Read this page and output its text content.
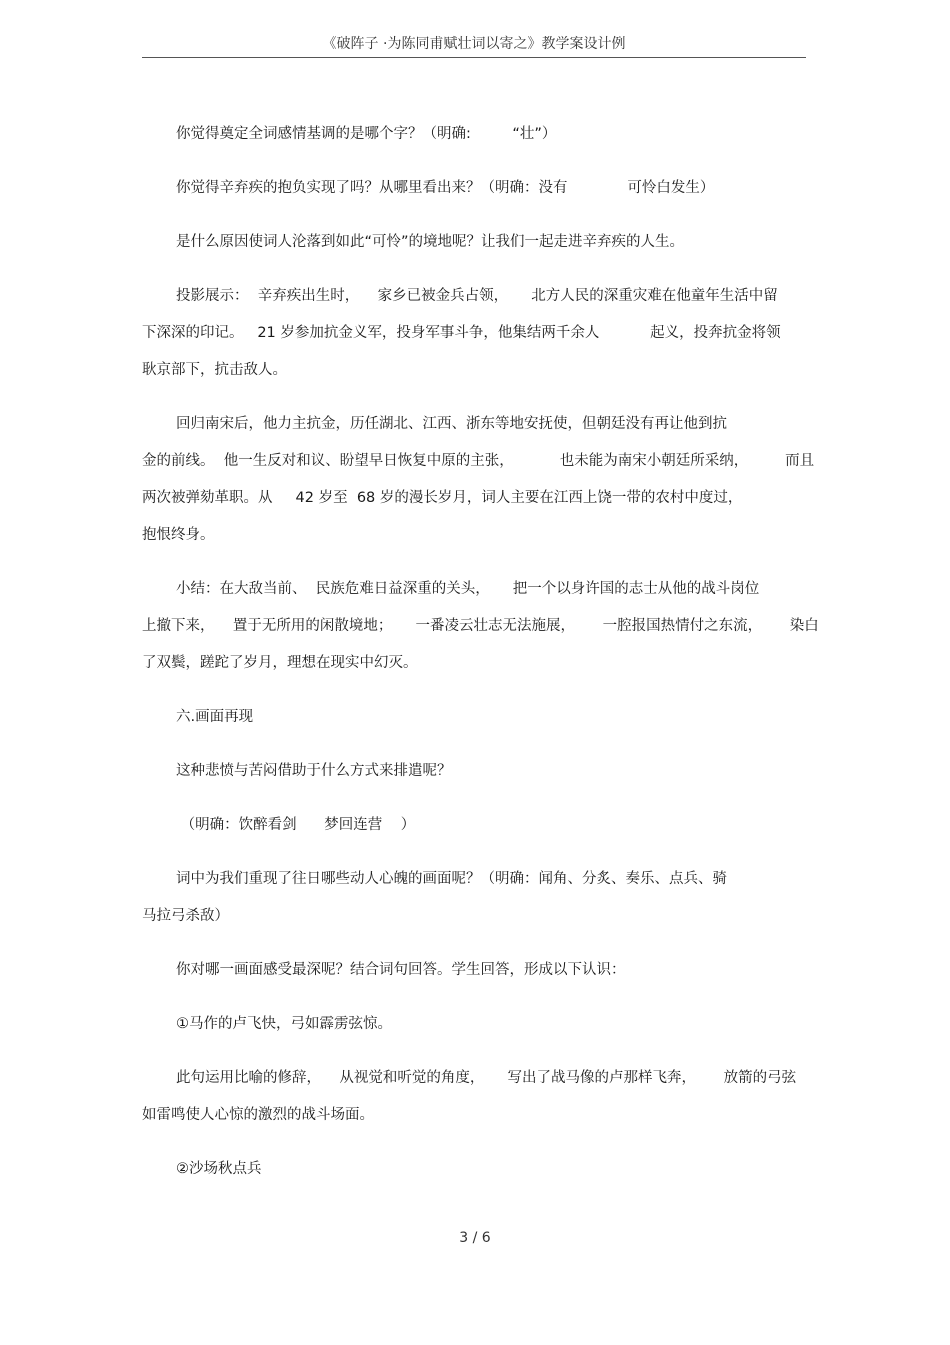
《破阵子 ·为陈同甫赋壮词以寄之》教学案设计例
你觉得奠定全词感情基调的是哪个字？（明确:         “壮”）
你觉得辛弃疾的抱负实现了吗？从哪里看出来？（明确：没有             可怜白发生）
是什么原因使词人沦落到如此“可怜”的境地呢？让我们一起走进辛弃疾的人生。
投影展示：  辛弃疾出生时，    家乡已被金兵占领，     北方人民的深重灾难在他童年生活中留
下深深的印记。   21 岁参加抗金义军，投身军事斗争，他集结两千余人           起义，投奔抗金将领
耿京部下，抗击敌人。
回归南宋后，他力主抗金，历任湖北、江西、浙东等地安抚使，但朝廷没有再让他到抗
金的前线。  他一生反对和议、盼望早日恢复中原的主张，          也未能为南宋小朝廷所采纳，        而且
两次被弹劾革职。从     42 岁至  68 岁的漫长岁月，词人主要在江西上饶一带的农村中度过，
抱恨终身。
小结：在大敌当前、  民族危难日益深重的关头，     把一个以身许国的志士从他的战斗岗位
上撤下来，    置于无所用的闲散境地；     一番凌云壮志无法施展，      一腔报国热情付之东流，      染白
了双鬓，蹉跎了岁月，理想在现实中幻灭。
六.画面再现
这种悲愤与苦闷借助于什么方式来排遣呢？
（明确：饮醉看剑      梦回连营    ）
词中为我们重现了往日哪些动人心魄的画面呢？（明确：闻角、分炙、奏乐、点兵、骑
马拉弓杀敌）
你对哪一画面感受最深呢？结合词句回答。学生回答，形成以下认识：
①马作的卢飞快，弓如霹雳弦惊。
此句运用比喻的修辞，    从视觉和听觉的角度，     写出了战马像的卢那样飞奔，      放箭的弓弦
如雷鸣使人心惊的激烈的战斗场面。
②沙场秋点兵
3 / 6
